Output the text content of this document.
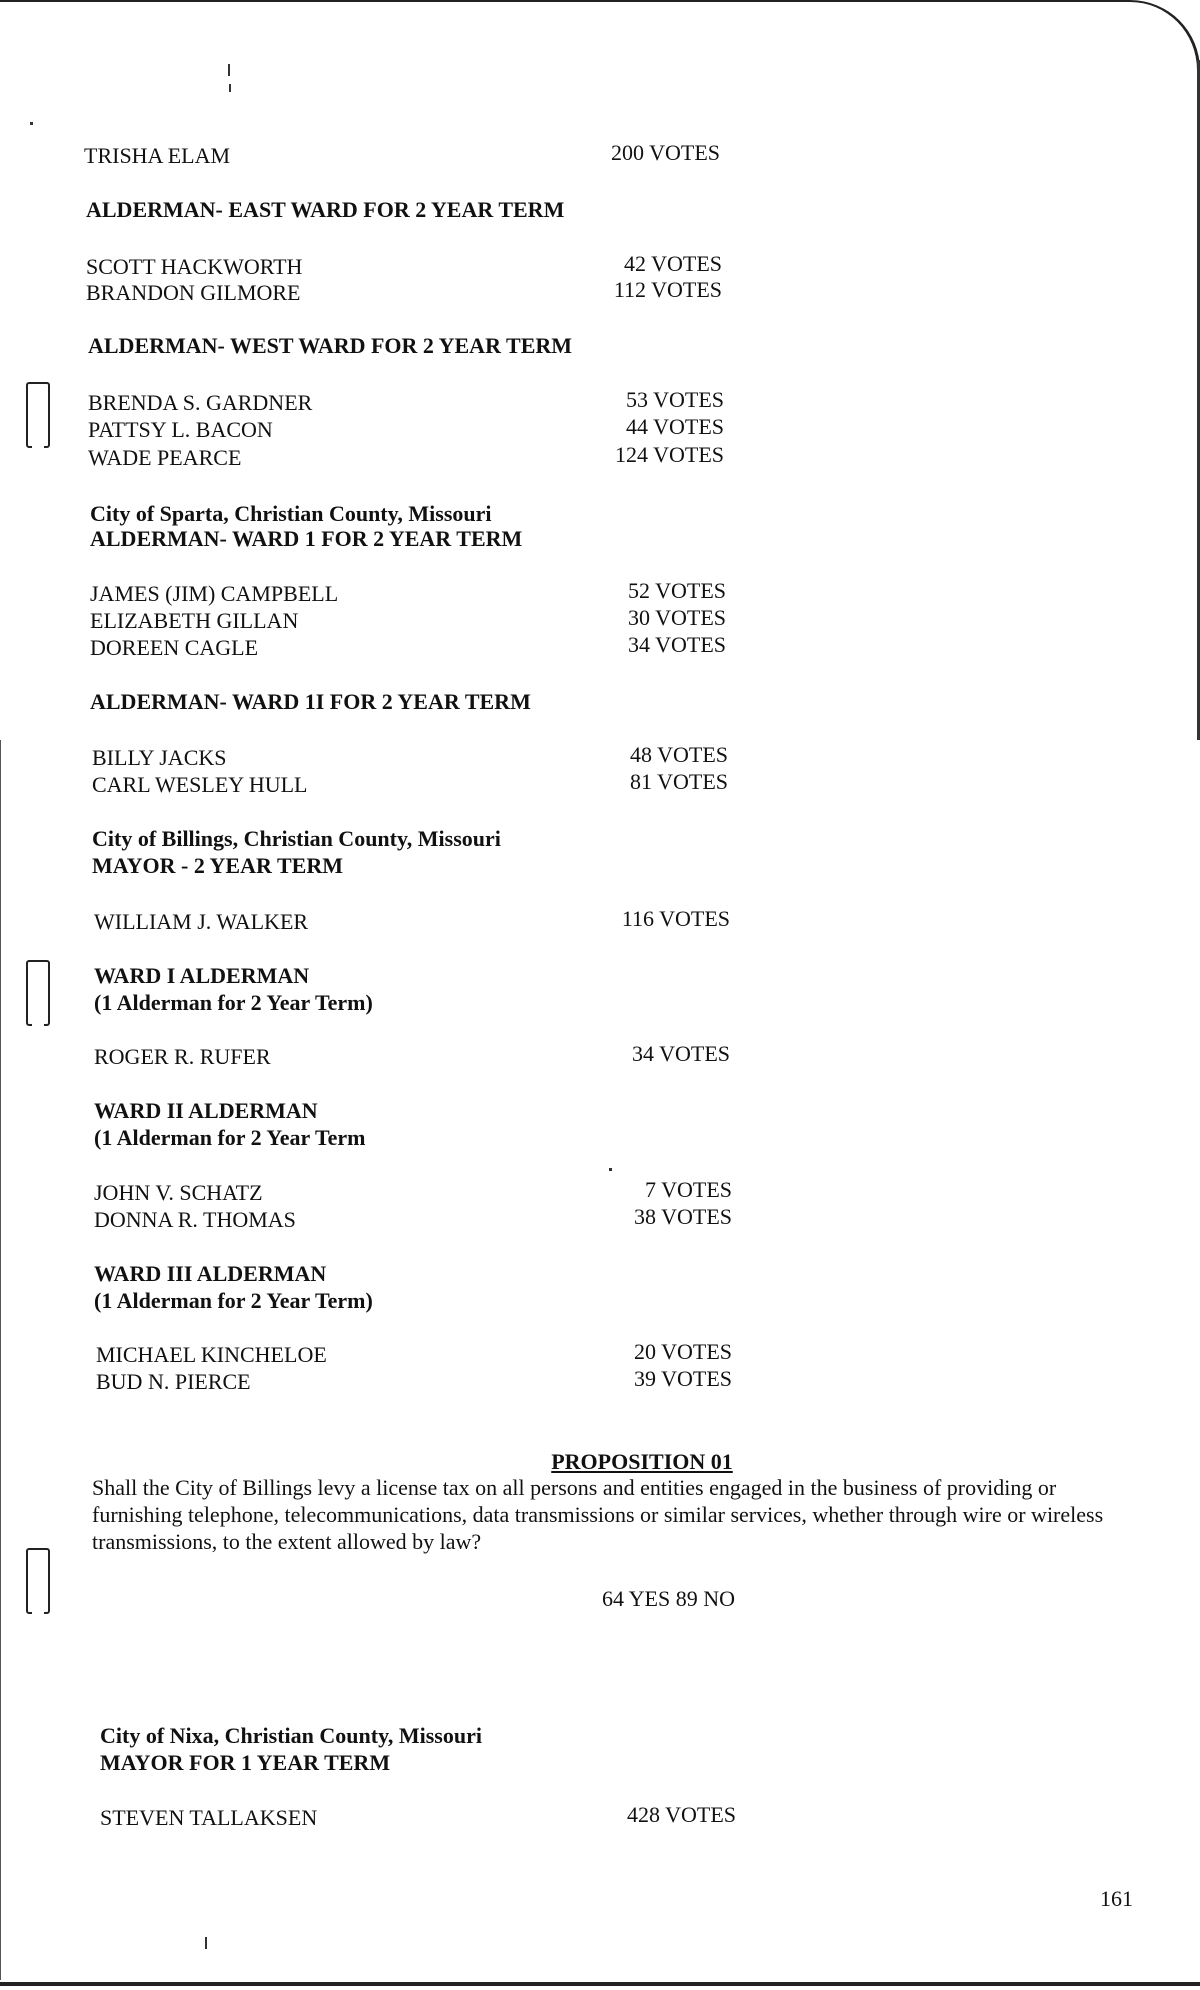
TRISHA ELAM	200 VOTES
ALDERMAN- EAST WARD FOR 2 YEAR TERM
SCOTT HACKWORTH	42 VOTES
BRANDON GILMORE	112 VOTES
ALDERMAN- WEST WARD FOR 2 YEAR TERM
BRENDA S. GARDNER	53 VOTES
PATTSY L. BACON	44 VOTES
WADE PEARCE	124 VOTES
City of Sparta, Christian County, Missouri
ALDERMAN- WARD 1 FOR 2 YEAR TERM
JAMES (JIM) CAMPBELL	52 VOTES
ELIZABETH GILLAN	30 VOTES
DOREEN CAGLE	34 VOTES
ALDERMAN- WARD 1I FOR 2 YEAR TERM
BILLY JACKS	48 VOTES
CARL WESLEY HULL	81 VOTES
City of Billings, Christian County, Missouri
MAYOR - 2 YEAR TERM
WILLIAM J. WALKER	116 VOTES
WARD I ALDERMAN
(1 Alderman for 2 Year Term)
ROGER R. RUFER	34 VOTES
WARD II ALDERMAN
(1 Alderman for 2 Year Term
JOHN V. SCHATZ	7 VOTES
DONNA R. THOMAS	38 VOTES
WARD III ALDERMAN
(1 Alderman for 2 Year Term)
MICHAEL KINCHELOE	20 VOTES
BUD N. PIERCE	39 VOTES
PROPOSITION 01
Shall the City of Billings levy a license tax on all persons and entities engaged in the business of providing or furnishing telephone, telecommunications, data transmissions or similar services, whether through wire or wireless transmissions, to the extent allowed by law?
64 YES 89 NO
City of Nixa, Christian County, Missouri
MAYOR FOR 1 YEAR TERM
STEVEN TALLAKSEN	428 VOTES
161
